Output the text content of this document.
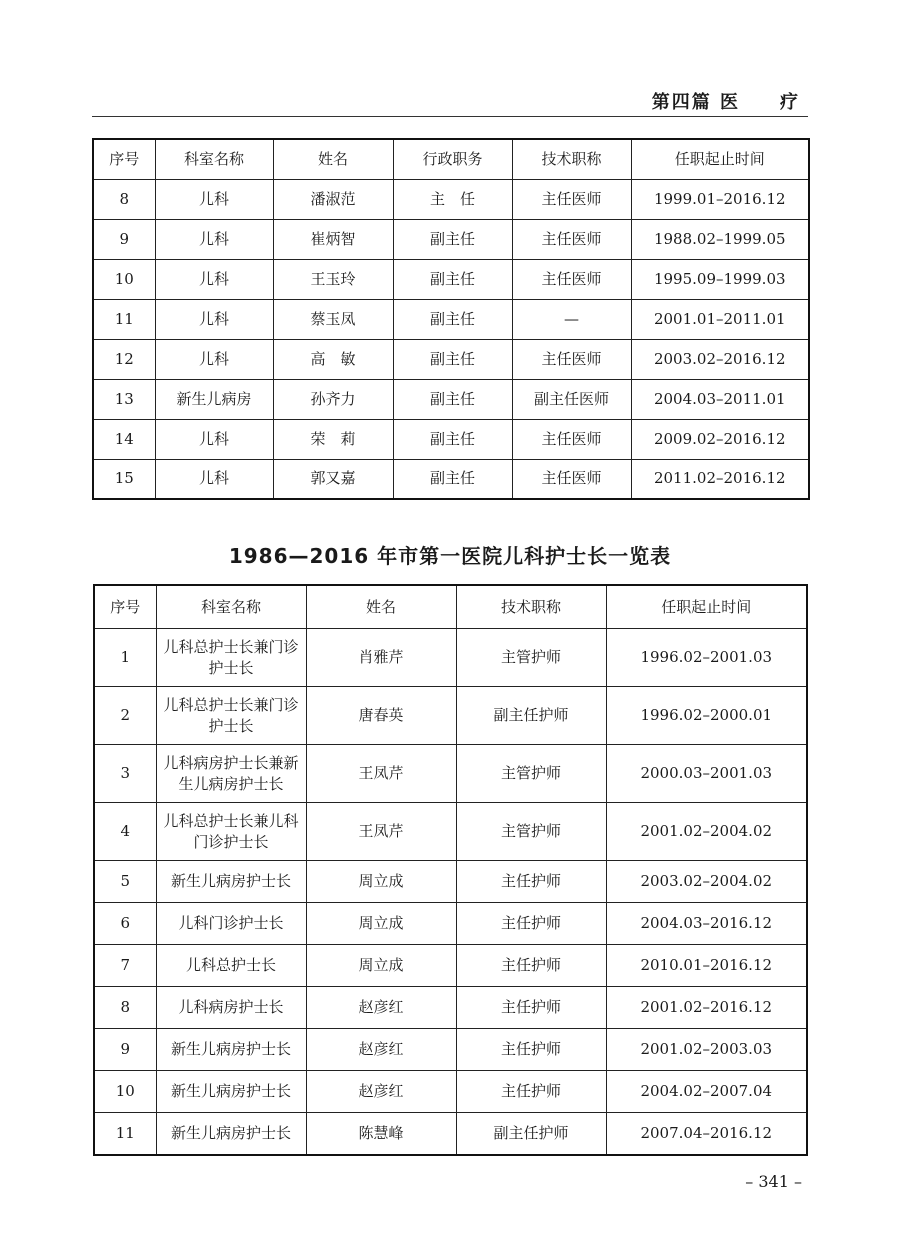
第四篇 医　　疗
序号	科室名称	姓名	行政职务	技术职称	任职起止时间
8	儿科	潘淑范	主　任	主任医师	1999.01–2016.12
9	儿科	崔炳智	副主任	主任医师	1988.02–1999.05
10	儿科	王玉玲	副主任	主任医师	1995.09–1999.03
11	儿科	蔡玉凤	副主任	—	2001.01–2011.01
12	儿科	高　敏	副主任	主任医师	2003.02–2016.12
13	新生儿病房	孙齐力	副主任	副主任医师	2004.03–2011.01
14	儿科	荣　莉	副主任	主任医师	2009.02–2016.12
15	儿科	郭又嘉	副主任	主任医师	2011.02–2016.12
1986—2016 年市第一医院儿科护士长一览表
序号	科室名称	姓名	技术职称	任职起止时间
1	儿科总护士长兼门诊护士长	肖雅芹	主管护师	1996.02–2001.03
2	儿科总护士长兼门诊护士长	唐春英	副主任护师	1996.02–2000.01
3	儿科病房护士长兼新生儿病房护士长	王凤芹	主管护师	2000.03–2001.03
4	儿科总护士长兼儿科门诊护士长	王凤芹	主管护师	2001.02–2004.02
5	新生儿病房护士长	周立成	主任护师	2003.02–2004.02
6	儿科门诊护士长	周立成	主任护师	2004.03–2016.12
7	儿科总护士长	周立成	主任护师	2010.01–2016.12
8	儿科病房护士长	赵彦红	主任护师	2001.02–2016.12
9	新生儿病房护士长	赵彦红	主任护师	2001.02–2003.03
10	新生儿病房护士长	赵彦红	主任护师	2004.02–2007.04
11	新生儿病房护士长	陈慧峰	副主任护师	2007.04–2016.12
– 341 –
